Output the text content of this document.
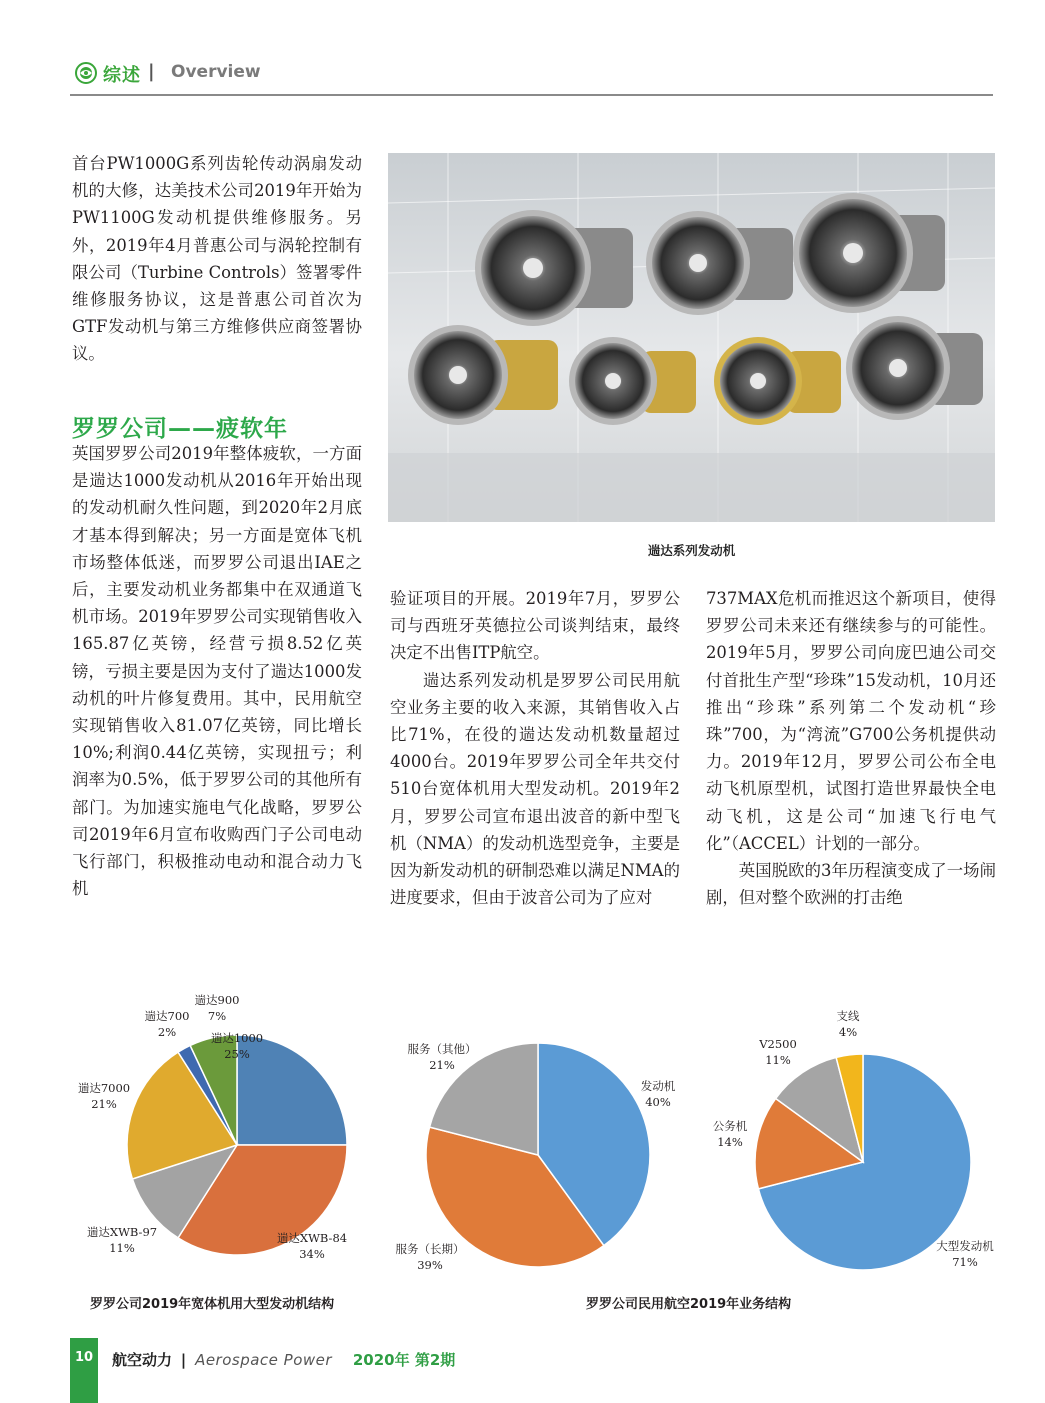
综述 | Overview

首台PW1000G系列齿轮传动涡扇发动机的大修，达美技术公司2019年开始为PW1100G发动机提供维修服务。另外，2019年4月普惠公司与涡轮控制有限公司（Turbine Controls）签署零件维修服务协议，这是普惠公司首次为GTF发动机与第三方维修供应商签署协议。

罗罗公司——疲软年

英国罗罗公司2019年整体疲软，一方面是遄达1000发动机从2016年开始出现的发动机耐久性问题，到2020年2月底才基本得到解决；另一方面是宽体飞机市场整体低迷，而罗罗公司退出IAE之后，主要发动机业务都集中在双通道飞机市场。2019年罗罗公司实现销售收入165.87亿英镑，经营亏损8.52亿英镑，亏损主要是因为支付了遄达1000发动机的叶片修复费用。其中，民用航空实现销售收入81.07亿英镑，同比增长10%;利润0.44亿英镑，实现扭亏；利润率为0.5%，低于罗罗公司的其他所有部门。为加速实施电气化战略，罗罗公司2019年6月宣布收购西门子公司电动飞行部门，积极推动电动和混合动力飞机

遄达系列发动机

验证项目的开展。2019年7月，罗罗公司与西班牙英德拉公司谈判结束，最终决定不出售ITP航空。

遄达系列发动机是罗罗公司民用航空业务主要的收入来源，其销售收入占比71%，在役的遄达发动机数量超过4000台。2019年罗罗公司全年共交付510台宽体机用大型发动机。2019年2月，罗罗公司宣布退出波音的新中型飞机（NMA）的发动机选型竞争，主要是因为新发动机的研制恐难以满足NMA的进度要求，但由于波音公司为了应对

737MAX危机而推迟这个新项目，使得罗罗公司未来还有继续参与的可能性。2019年5月，罗罗公司向庞巴迪公司交付首批生产型“珍珠”15发动机，10月还推出“珍珠”系列第二个发动机“珍珠”700，为“湾流”G700公务机提供动力。2019年12月，罗罗公司公布全电动飞机原型机，试图打造世界最快全电动飞机，这是公司“加速飞行电气化”（ACCEL）计划的一部分。

英国脱欧的3年历程演变成了一场闹剧，但对整个欧洲的打击绝

遄达1000
25%
遄达XWB-84
34%
遄达XWB-97
11%
遄达7000
21%
遄达700
2%
遄达900
7%
发动机
40%
服务（长期）
39%
服务（其他）
21%
大型发动机
71%
公务机
14%
V2500
11%
支线
4%
罗罗公司2019年宽体机用大型发动机结构	罗罗公司民用航空2019年业务结构
10	航空动力 | Aerospace Power 2020年 第2期
